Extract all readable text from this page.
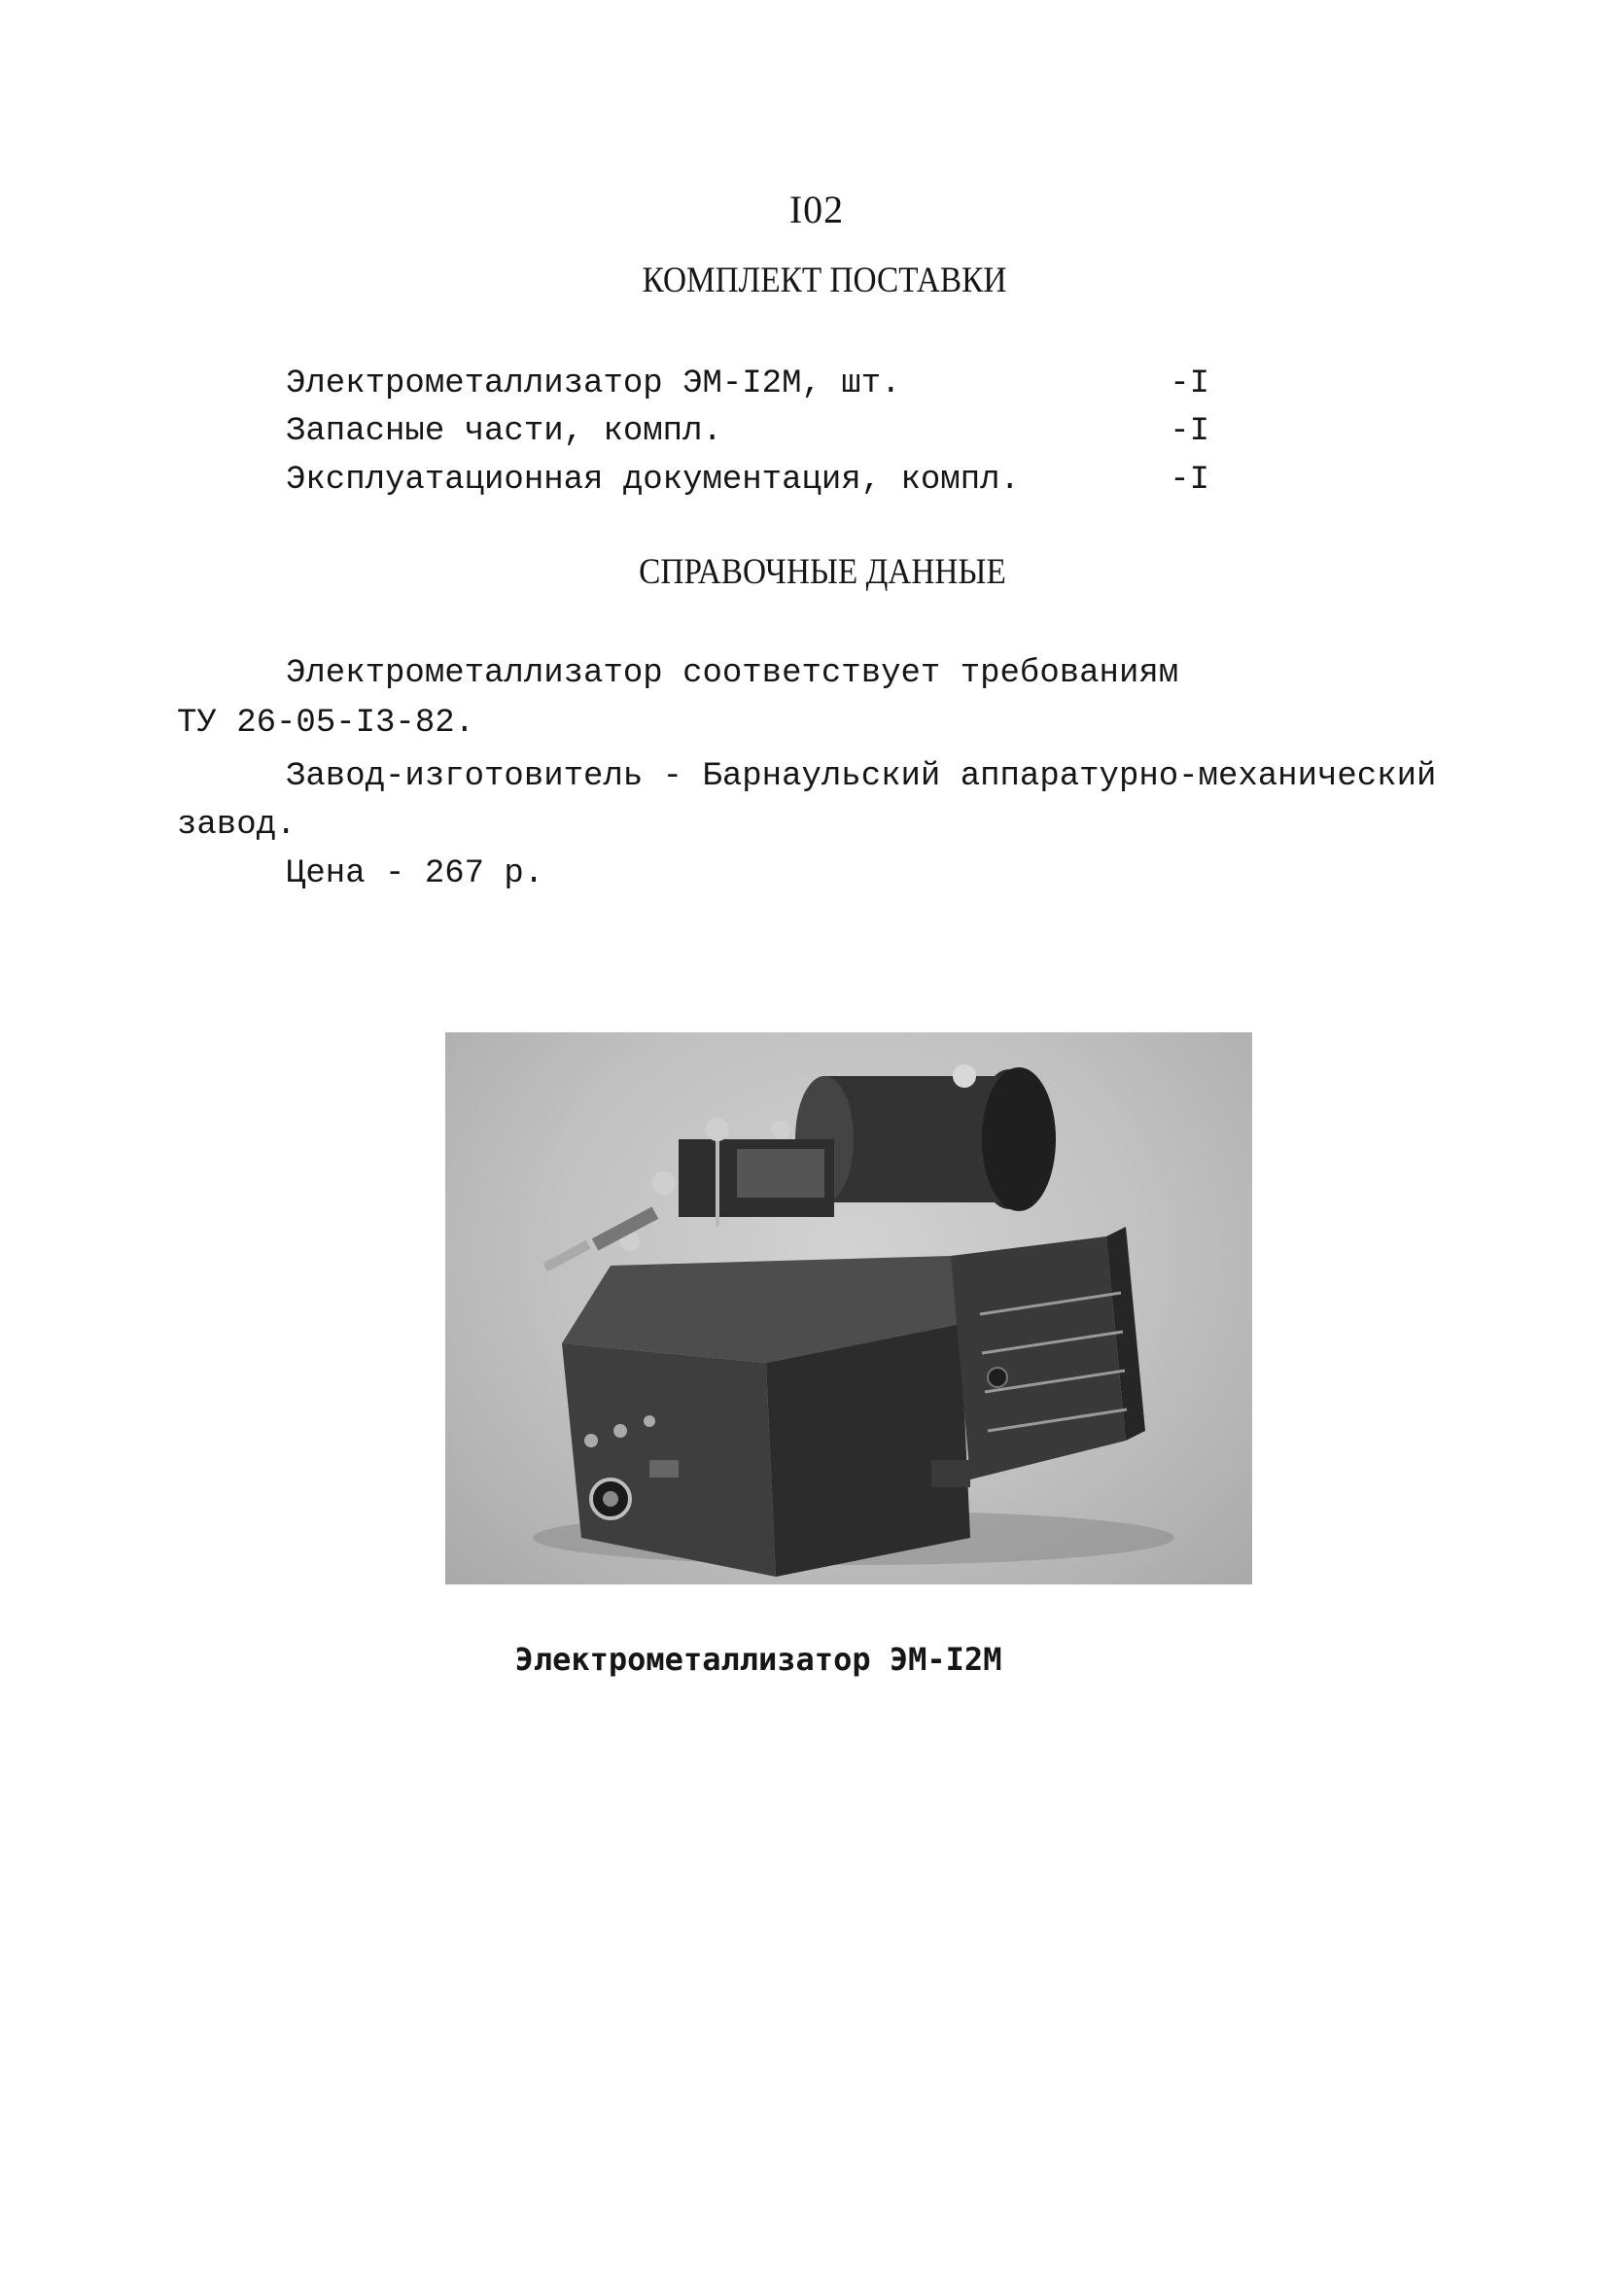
I02
КОМПЛЕКТ ПОСТАВКИ
Электрометаллизатор ЭМ-I2М, шт.	-I
Запасные части, компл.	-I
Эксплуатационная документация, компл.	-I
СПРАВОЧНЫЕ ДАННЫЕ
Электрометаллизатор соответствует требованиям
ТУ 26-05-I3-82.
Завод-изготовитель - Барнаульский аппаратурно-механический
завод.
Цена - 267 р.
Электрометаллизатор ЭМ-I2М
